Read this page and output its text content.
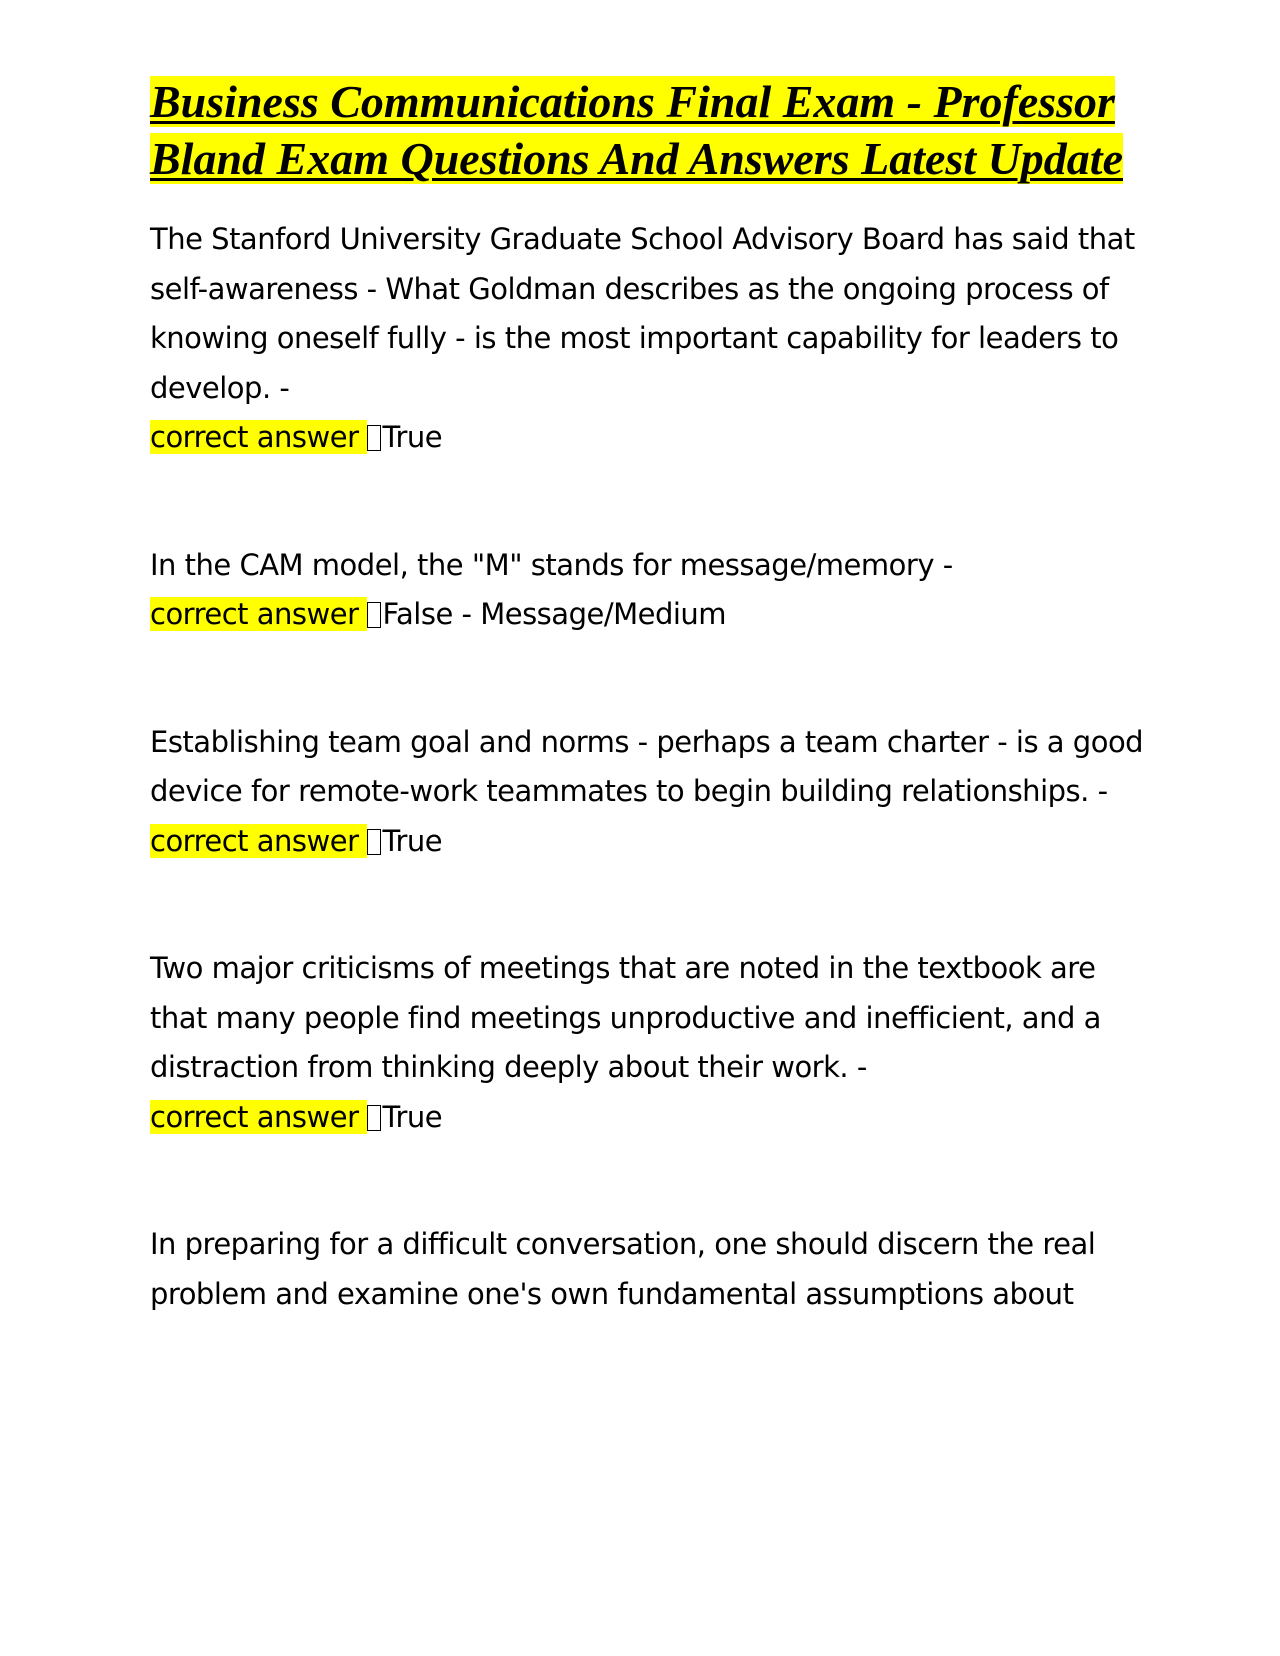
Business Communications Final Exam - Professor Bland Exam Questions And Answers Latest Update

The Stanford University Graduate School Advisory Board has said that self-awareness - What Goldman describes as the ongoing process of knowing oneself fully - is the most important capability for leaders to develop. -

correct answer True

In the CAM model, the "M" stands for message/memory -

correct answer False - Message/Medium

Establishing team goal and norms - perhaps a team charter - is a good device for remote-work teammates to begin building relationships. -

correct answer True

Two major criticisms of meetings that are noted in the textbook are that many people find meetings unproductive and inefficient, and a distraction from thinking deeply about their work. -

correct answer True

In preparing for a difficult conversation, one should discern the real problem and examine one's own fundamental assumptions about
